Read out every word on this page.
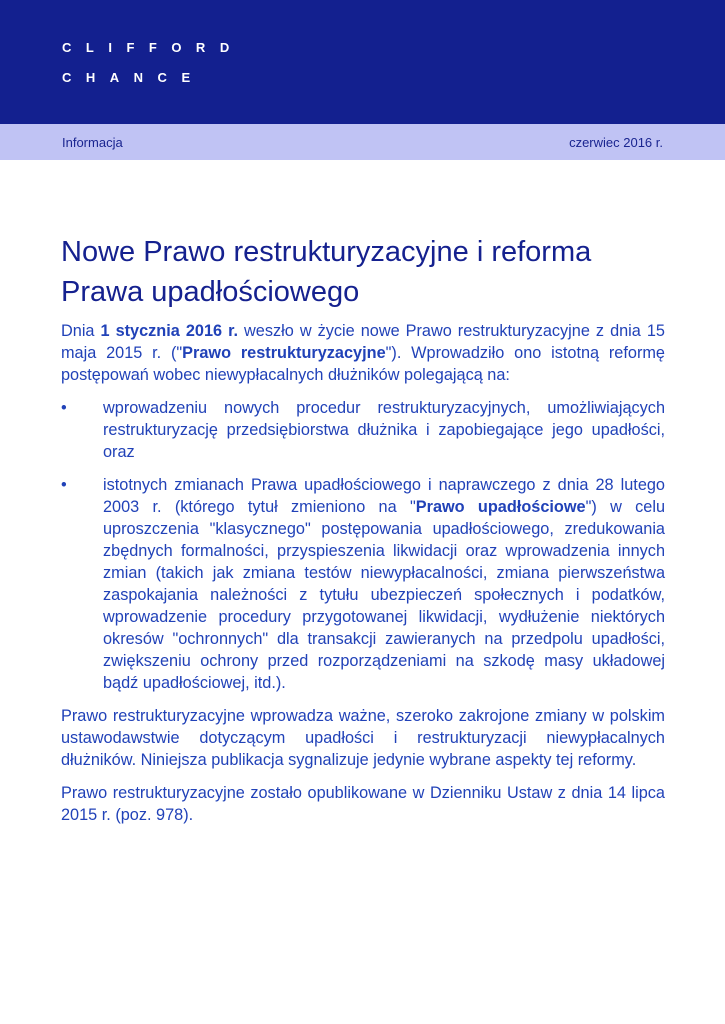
CLIFFORD
CHANCE
Informacja	czerwiec 2016 r.
Nowe Prawo restrukturyzacyjne i reforma Prawa upadłościowego

Dnia 1 stycznia 2016 r. weszło w życie nowe Prawo restrukturyzacyjne z dnia 15 maja 2015 r. ("Prawo restrukturyzacyjne"). Wprowadziło ono istotną reformę postępowań wobec niewypłacalnych dłużników polegającą na:

• wprowadzeniu nowych procedur restrukturyzacyjnych, umożliwiających restrukturyzację przedsiębiorstwa dłużnika i zapobiegające jego upadłości, oraz
• istotnych zmianach Prawa upadłościowego i naprawczego z dnia 28 lutego 2003 r. (którego tytuł zmieniono na "Prawo upadłościowe") w celu uproszczenia "klasycznego" postępowania upadłościowego, zredukowania zbędnych formalności, przyspieszenia likwidacji oraz wprowadzenia innych zmian (takich jak zmiana testów niewypłacalności, zmiana pierwszeństwa zaspokajania należności z tytułu ubezpieczeń społecznych i podatków, wprowadzenie procedury przygotowanej likwidacji, wydłużenie niektórych okresów "ochronnych" dla transakcji zawieranych na przedpolu upadłości, zwiększeniu ochrony przed rozporządzeniami na szkodę masy układowej bądź upadłościowej, itd.).

Prawo restrukturyzacyjne wprowadza ważne, szeroko zakrojone zmiany w polskim ustawodawstwie dotyczącym upadłości i restrukturyzacji niewypłacalnych dłużników. Niniejsza publikacja sygnalizuje jedynie wybrane aspekty tej reformy.

Prawo restrukturyzacyjne zostało opublikowane w Dzienniku Ustaw z dnia 14 lipca 2015 r. (poz. 978).
